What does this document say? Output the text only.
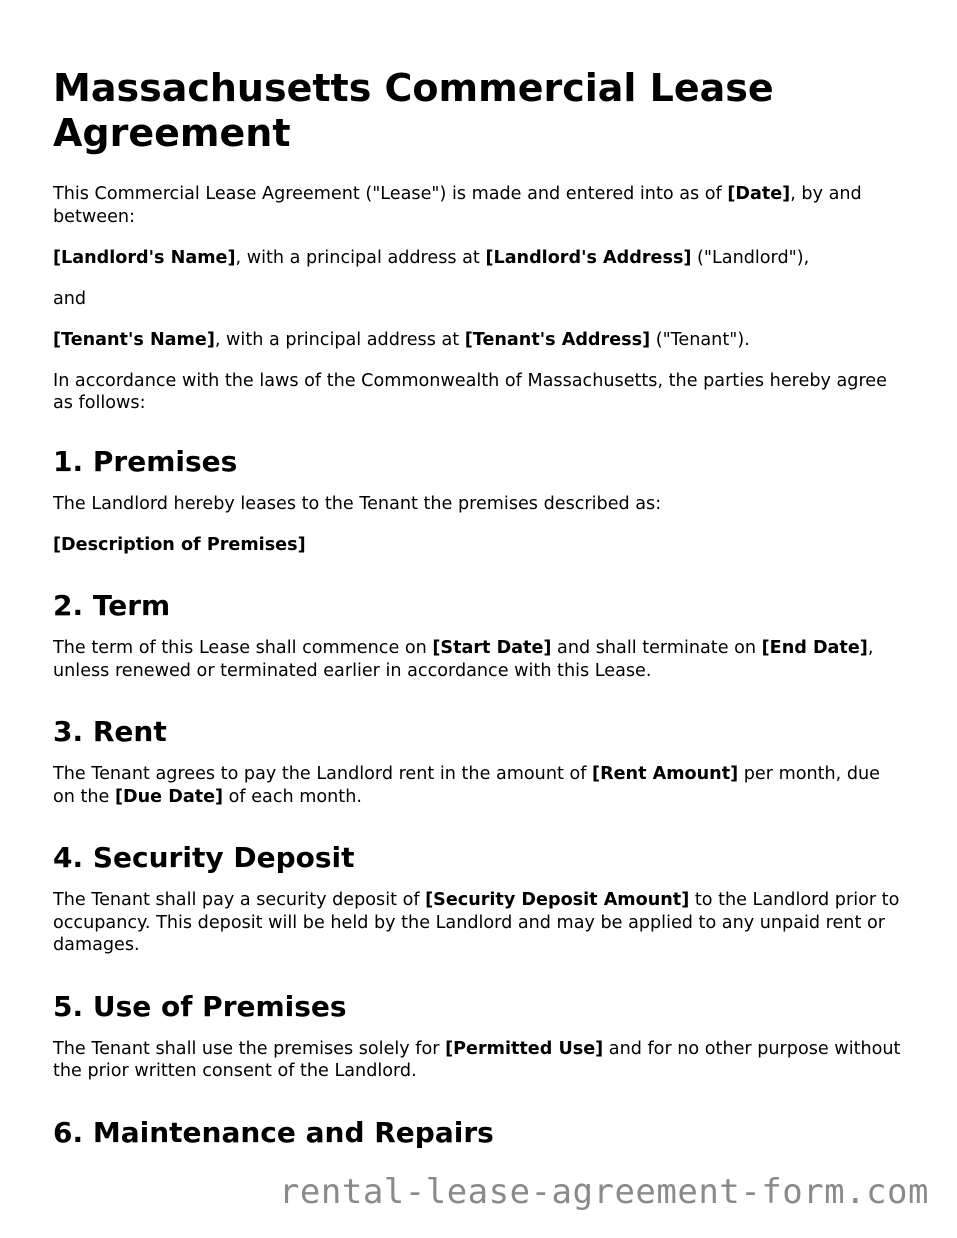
Massachusetts Commercial Lease Agreement

This Commercial Lease Agreement ("Lease") is made and entered into as of [Date], by and between:

[Landlord's Name], with a principal address at [Landlord's Address] ("Landlord"),

and

[Tenant's Name], with a principal address at [Tenant's Address] ("Tenant").

In accordance with the laws of the Commonwealth of Massachusetts, the parties hereby agree as follows:

1. Premises

The Landlord hereby leases to the Tenant the premises described as:

[Description of Premises]

2. Term

The term of this Lease shall commence on [Start Date] and shall terminate on [End Date], unless renewed or terminated earlier in accordance with this Lease.

3. Rent

The Tenant agrees to pay the Landlord rent in the amount of [Rent Amount] per month, due on the [Due Date] of each month.

4. Security Deposit

The Tenant shall pay a security deposit of [Security Deposit Amount] to the Landlord prior to occupancy. This deposit will be held by the Landlord and may be applied to any unpaid rent or damages.

5. Use of Premises

The Tenant shall use the premises solely for [Permitted Use] and for no other purpose without the prior written consent of the Landlord.

6. Maintenance and Repairs
rental-lease-agreement-form.com
